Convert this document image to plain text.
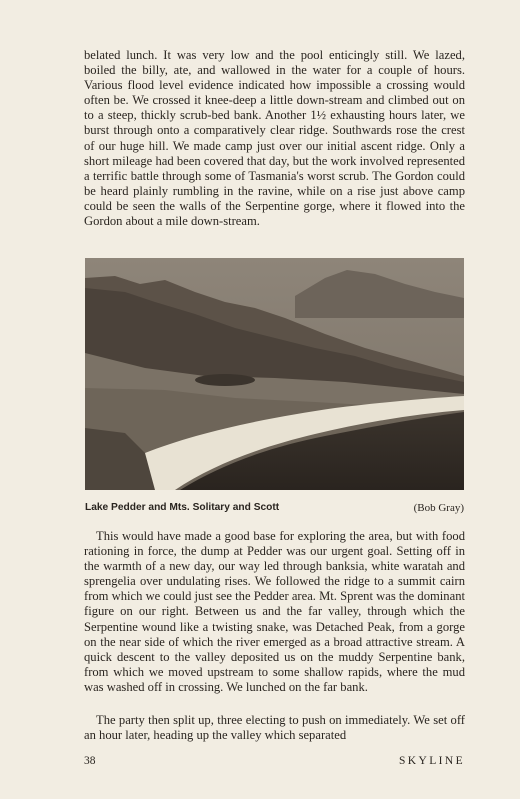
belated lunch. It was very low and the pool enticingly still. We lazed, boiled the billy, ate, and wallowed in the water for a couple of hours. Various flood level evidence indicated how impossible a crossing would often be. We crossed it knee-deep a little down-stream and climbed out on to a steep, thickly scrub-bed bank. Another 1½ exhausting hours later, we burst through onto a comparatively clear ridge. Southwards rose the crest of our huge hill. We made camp just over our initial ascent ridge. Only a short mileage had been covered that day, but the work involved represented a terrific battle through some of Tasmania's worst scrub. The Gordon could be heard plainly rumbling in the ravine, while on a rise just above camp could be seen the walls of the Serpentine gorge, where it flowed into the Gordon about a mile down-stream.

Lake Pedder and Mts. Solitary and Scott	(Bob Gray)

This would have made a good base for exploring the area, but with food rationing in force, the dump at Pedder was our urgent goal. Setting off in the warmth of a new day, our way led through banksia, white waratah and sprengelia over undulating rises. We followed the ridge to a summit cairn from which we could just see the Pedder area. Mt. Sprent was the dominant figure on our right. Between us and the far valley, through which the Serpentine wound like a twisting snake, was Detached Peak, from a gorge on the near side of which the river emerged as a broad attractive stream. A quick descent to the valley deposited us on the muddy Serpentine bank, from which we moved upstream to some shallow rapids, where the mud was washed off in crossing. We lunched on the far bank.

The party then split up, three electing to push on immediately. We set off an hour later, heading up the valley which separated

38	SKYLINE
